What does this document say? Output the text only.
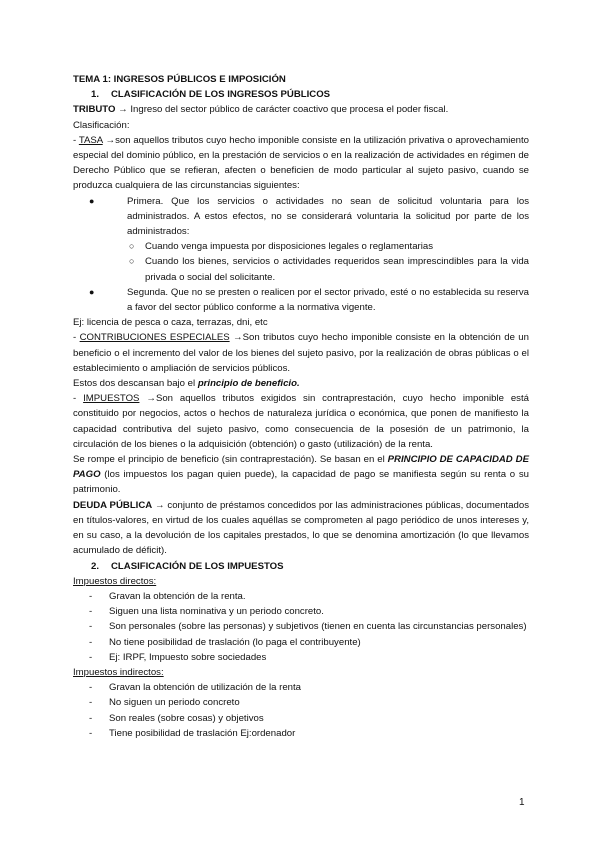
TEMA 1: INGRESOS PÚBLICOS E IMPOSICIÓN

1. CLASIFICACIÓN DE LOS INGRESOS PÚBLICOS

TRIBUTO → Ingreso del sector público de carácter coactivo que procesa el poder fiscal.

Clasificación:

- TASA →son aquellos tributos cuyo hecho imponible consiste en la utilización privativa o aprovechamiento especial del dominio público, en la prestación de servicios o en la realización de actividades en régimen de Derecho Público que se refieran, afecten o beneficien de modo particular al sujeto pasivo, cuando se produzca cualquiera de las circunstancias siguientes:

●	Primera. Que los servicios o actividades no sean de solicitud voluntaria para los administrados. A estos efectos, no se considerará voluntaria la solicitud por parte de los administrados:
○ Cuando venga impuesta por disposiciones legales o reglamentarias
○ Cuando los bienes, servicios o actividades requeridos sean imprescindibles para la vida privada o social del solicitante.
●	Segunda. Que no se presten o realicen por el sector privado, esté o no establecida su reserva a favor del sector público conforme a la normativa vigente.

Ej: licencia de pesca o caza, terrazas, dni, etc

- CONTRIBUCIONES ESPECIALES →Son tributos cuyo hecho imponible consiste en la obtención de un beneficio o el incremento del valor de los bienes del sujeto pasivo, por la realización de obras públicas o el establecimiento o ampliación de servicios públicos.

Estos dos descansan bajo el principio de beneficio.

- IMPUESTOS →Son aquellos tributos exigidos sin contraprestación, cuyo hecho imponible está constituido por negocios, actos o hechos de naturaleza jurídica o económica, que ponen de manifiesto la capacidad contributiva del sujeto pasivo, como consecuencia de la posesión de un patrimonio, la circulación de los bienes o la adquisición (obtención) o gasto (utilización) de la renta.

Se rompe el principio de beneficio (sin contraprestación). Se basan en el PRINCIPIO DE CAPACIDAD DE PAGO (los impuestos los pagan quien puede), la capacidad de pago se manifiesta según su renta o su patrimonio.

DEUDA PÚBLICA → conjunto de préstamos concedidos por las administraciones públicas, documentados en títulos-valores, en virtud de los cuales aquéllas se comprometen al pago periódico de unos intereses y, en su caso, a la devolución de los capitales prestados, lo que se denomina amortización (lo que llevamos acumulado de déficit).

2. CLASIFICACIÓN DE LOS IMPUESTOS

Impuestos directos:

- Gravan la obtención de la renta.
- Siguen una lista nominativa y un periodo concreto.
- Son personales (sobre las personas) y subjetivos (tienen en cuenta las circunstancias personales)
- No tiene posibilidad de traslación (lo paga el contribuyente)
- Ej: IRPF, Impuesto sobre sociedades

Impuestos indirectos:

- Gravan la obtención de utilización de la renta
- No siguen un periodo concreto
- Son reales (sobre cosas) y objetivos
- Tiene posibilidad de traslación Ej:ordenador
1
